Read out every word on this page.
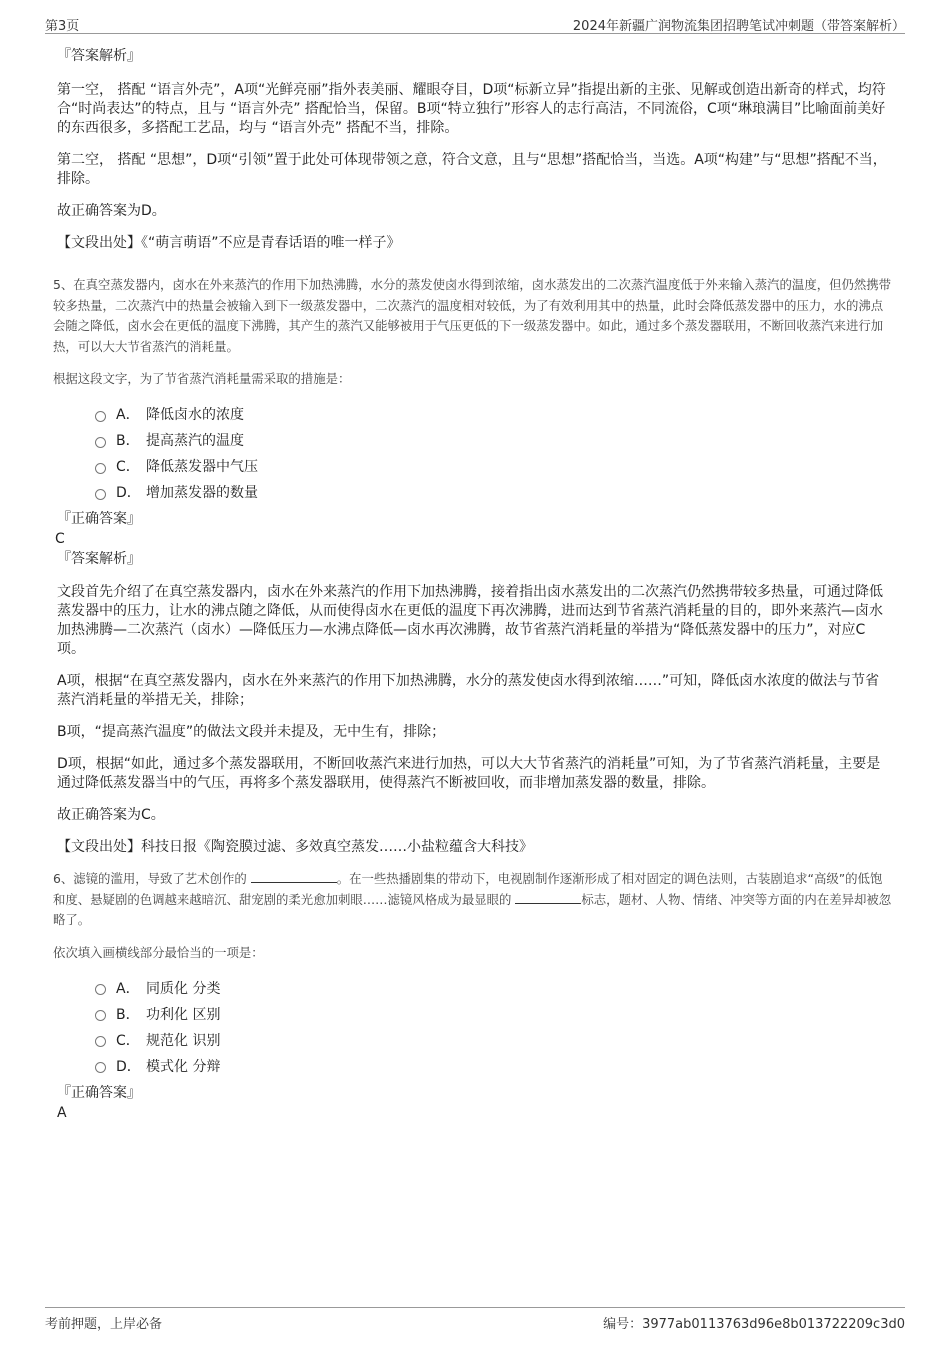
第3页	2024年新疆广润物流集团招聘笔试冲刺题（带答案解析）
『答案解析』

第一空， 搭配 “语言外壳”，A项“光鲜亮丽”指外表美丽、耀眼夺目，D项“标新立异”指提出新的主张、见解或创造出新奇的样式，均符合“时尚表达”的特点，且与 “语言外壳” 搭配恰当，保留。B项“特立独行”形容人的志行高洁，不同流俗，C项“琳琅满目”比喻面前美好的东西很多，多搭配工艺品，均与 “语言外壳” 搭配不当，排除。

第二空， 搭配 “思想”，D项“引领”置于此处可体现带领之意，符合文意，且与“思想”搭配恰当，当选。A项“构建”与“思想”搭配不当，排除。

故正确答案为D。

【文段出处】《“萌言萌语”不应是青春话语的唯一样子》

5、在真空蒸发器内，卤水在外来蒸汽的作用下加热沸腾，水分的蒸发使卤水得到浓缩，卤水蒸发出的二次蒸汽温度低于外来输入蒸汽的温度，但仍然携带较多热量，二次蒸汽中的热量会被输入到下一级蒸发器中，二次蒸汽的温度相对较低，为了有效利用其中的热量，此时会降低蒸发器中的压力，水的沸点会随之降低，卤水会在更低的温度下沸腾，其产生的蒸汽又能够被用于气压更低的下一级蒸发器中。如此，通过多个蒸发器联用，不断回收蒸汽来进行加热，可以大大节省蒸汽的消耗量。

根据这段文字，为了节省蒸汽消耗量需采取的措施是：

A． 降低卤水的浓度
B． 提高蒸汽的温度
C． 降低蒸发器中气压
D． 增加蒸发器的数量
『正确答案』
C
『答案解析』

文段首先介绍了在真空蒸发器内，卤水在外来蒸汽的作用下加热沸腾，接着指出卤水蒸发出的二次蒸汽仍然携带较多热量，可通过降低蒸发器中的压力，让水的沸点随之降低，从而使得卤水在更低的温度下再次沸腾，进而达到节省蒸汽消耗量的目的，即外来蒸汽—卤水加热沸腾—二次蒸汽（卤水）—降低压力—水沸点降低—卤水再次沸腾，故节省蒸汽消耗量的举措为“降低蒸发器中的压力”，对应C项。

A项，根据“在真空蒸发器内，卤水在外来蒸汽的作用下加热沸腾，水分的蒸发使卤水得到浓缩……”可知，降低卤水浓度的做法与节省蒸汽消耗量的举措无关，排除；

B项，“提高蒸汽温度”的做法文段并未提及，无中生有，排除；

D项，根据“如此，通过多个蒸发器联用，不断回收蒸汽来进行加热，可以大大节省蒸汽的消耗量”可知，为了节省蒸汽消耗量，主要是通过降低蒸发器当中的气压，再将多个蒸发器联用，使得蒸汽不断被回收，而非增加蒸发器的数量，排除。

故正确答案为C。

【文段出处】科技日报《陶瓷膜过滤、多效真空蒸发……小盐粒蕴含大科技》

6、滤镜的滥用，导致了艺术创作的	。在一些热播剧集的带动下，电视剧制作逐渐形成了相对固定的调色法则，古装剧追求“高级”的低饱和度、悬疑剧的色调越来越暗沉、甜宠剧的柔光愈加刺眼……滤镜风格成为最显眼的	标志，题材、人物、情绪、冲突等方面的内在差异却被忽略了。

依次填入画横线部分最恰当的一项是：

A． 同质化 分类
B． 功利化 区别
C． 规范化 识别
D． 模式化 分辩
『正确答案』
A
考前押题，上岸必备	编号：3977ab0113763d96e8b013722209c3d0
